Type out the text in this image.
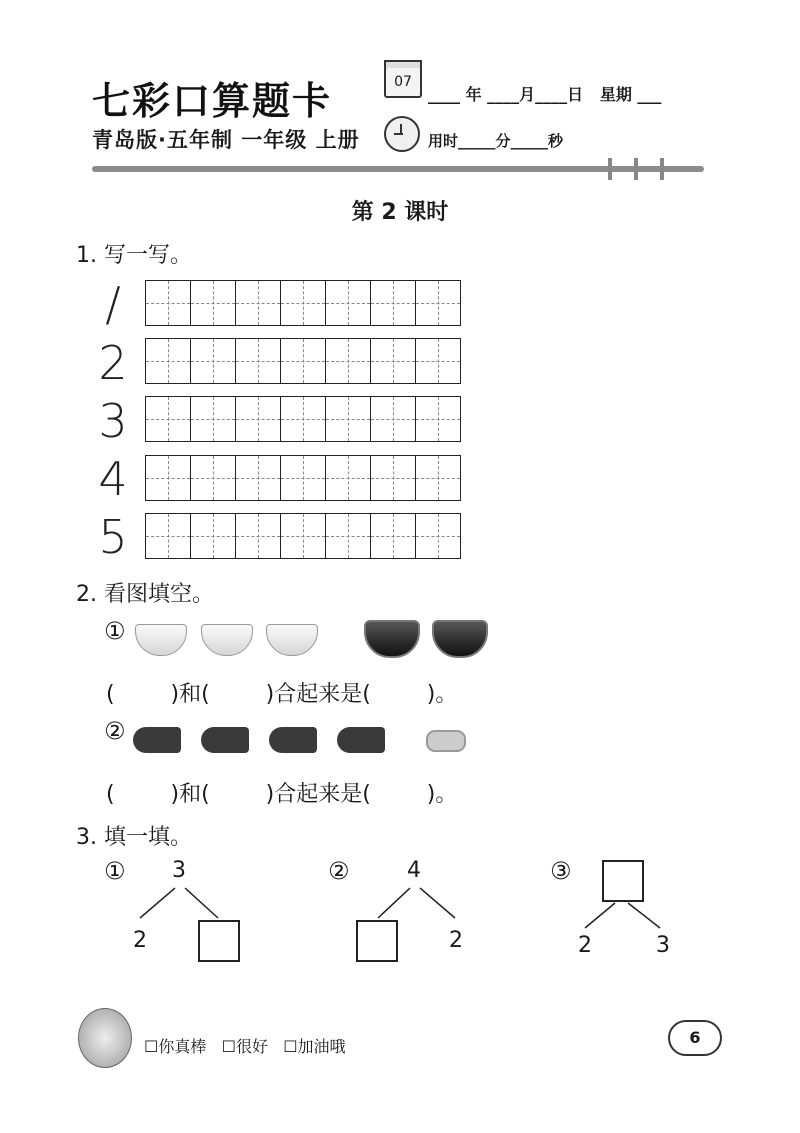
七彩口算题卡	07
____ 年 ____月____日   星期 ___
青岛版·五年制 一年级 上册	用时_____分_____秒
第 2 课时
1. 写一写。
/
2
3
4
5
2. 看图填空。
①
(        )和(        )合起来是(        )。
②
(        )和(        )合起来是(        )。
3. 填一填。
① 3
2
②	4
2
③
2	3
☐你真棒   ☐很好   ☐加油哦	6
